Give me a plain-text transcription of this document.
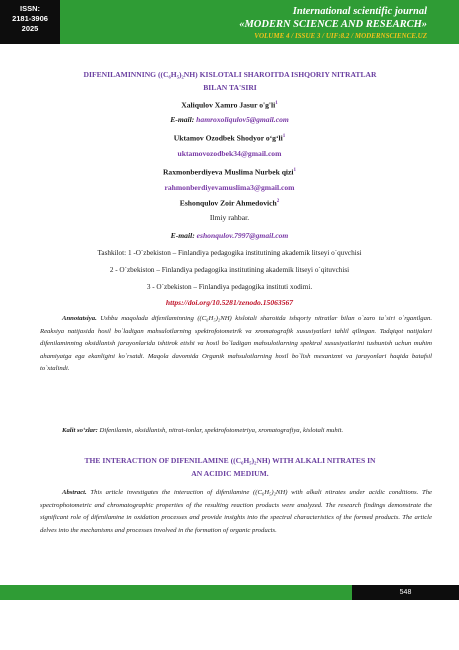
ISSN:
2181-3906
2025
International scientific journal
«MODERN SCIENCE AND RESEARCH»
VOLUME 4 / ISSUE 3 / UIF:8.2 / MODERNSCIENCE.UZ
DIFENILAMINNING ((C₆H₅)₂NH) KISLOTALI SHAROITDA ISHQORIY NITRATLAR
BILAN TA'SIRI
Xaliqulov Xamro Jasur $o'g'li^1$
E-mail: hamroxoliqulov5@gmail.com
Uktamov Ozodbek Shodyor $o‘g‘li^1$
uktamovozodbek34@gmail.com
Raxmonberdiyeva Muslima Nurbek qizi$^1$
rahmonberdiyevamuslima3@gmail.com
Eshonqulov Zoir Ahmedovich$^2$
Ilmiy rahbar.
E-mail: eshonqulov.7997@gmail.com
Tashkilot: 1 -O`zbekiston – Finlandiya pedagogika institutining akademik litseyi o`quvchisi
2 - O`zbekiston – Finlandiya pedagogika institutining akademik litseyi o`qituvchisi
3 - O`zbekiston – Finlandiya pedagogika instituti xodimi.
https://doi.org/10.5281/zenodo.15063567
Annotatsiya. Ushbu maqolada difenilaminning ((C₆H₅)₂NH) kislotali sharoitda ishqoriy nitratlar bilan o`zaro ta`siri o`rganilgan. Reaksiya natijasida hosil bo`ladigan mahsulotlarning spektrofotometrik va xromatografik xususiyatlari tahlil qilingan. Tadqiqot natijalari difenilaminning oksidlanish jarayonlarida ishtirok etishi va hosil bo`ladigan mahsulotlarning spektral xususiyatlarini tushunish uchun muhim ahamiyatga ega ekanligini ko`rsatdi. Maqola davomida Organik mahsulotlarning hosil bo`lish mexanizmi va jarayonlari haqida batafsil to`xtalindi.
Kalit so‘zlar: Difenilamin, oksidlanish, nitrat-ionlar, spektrofotometriya, xromatografiya, kislotali muhit.
THE INTERACTION OF DIFENILAMINE ((C₆H₅)₂NH) WITH ALKALI NITRATES IN
AN ACIDIC MEDIUM.
Abstract. This article investigates the interaction of difenilamine ((C₆H₅)₂NH) with alkali nitrates under acidic conditions. The spectrophotometric and chromatographic properties of the resulting reaction products were analyzed. The research findings demonstrate the significant role of difenilamine in oxidation processes and provide insights into the spectral characteristics of the formed products. The article delves into the mechanisms and processes involved in the formation of organic products.
548
